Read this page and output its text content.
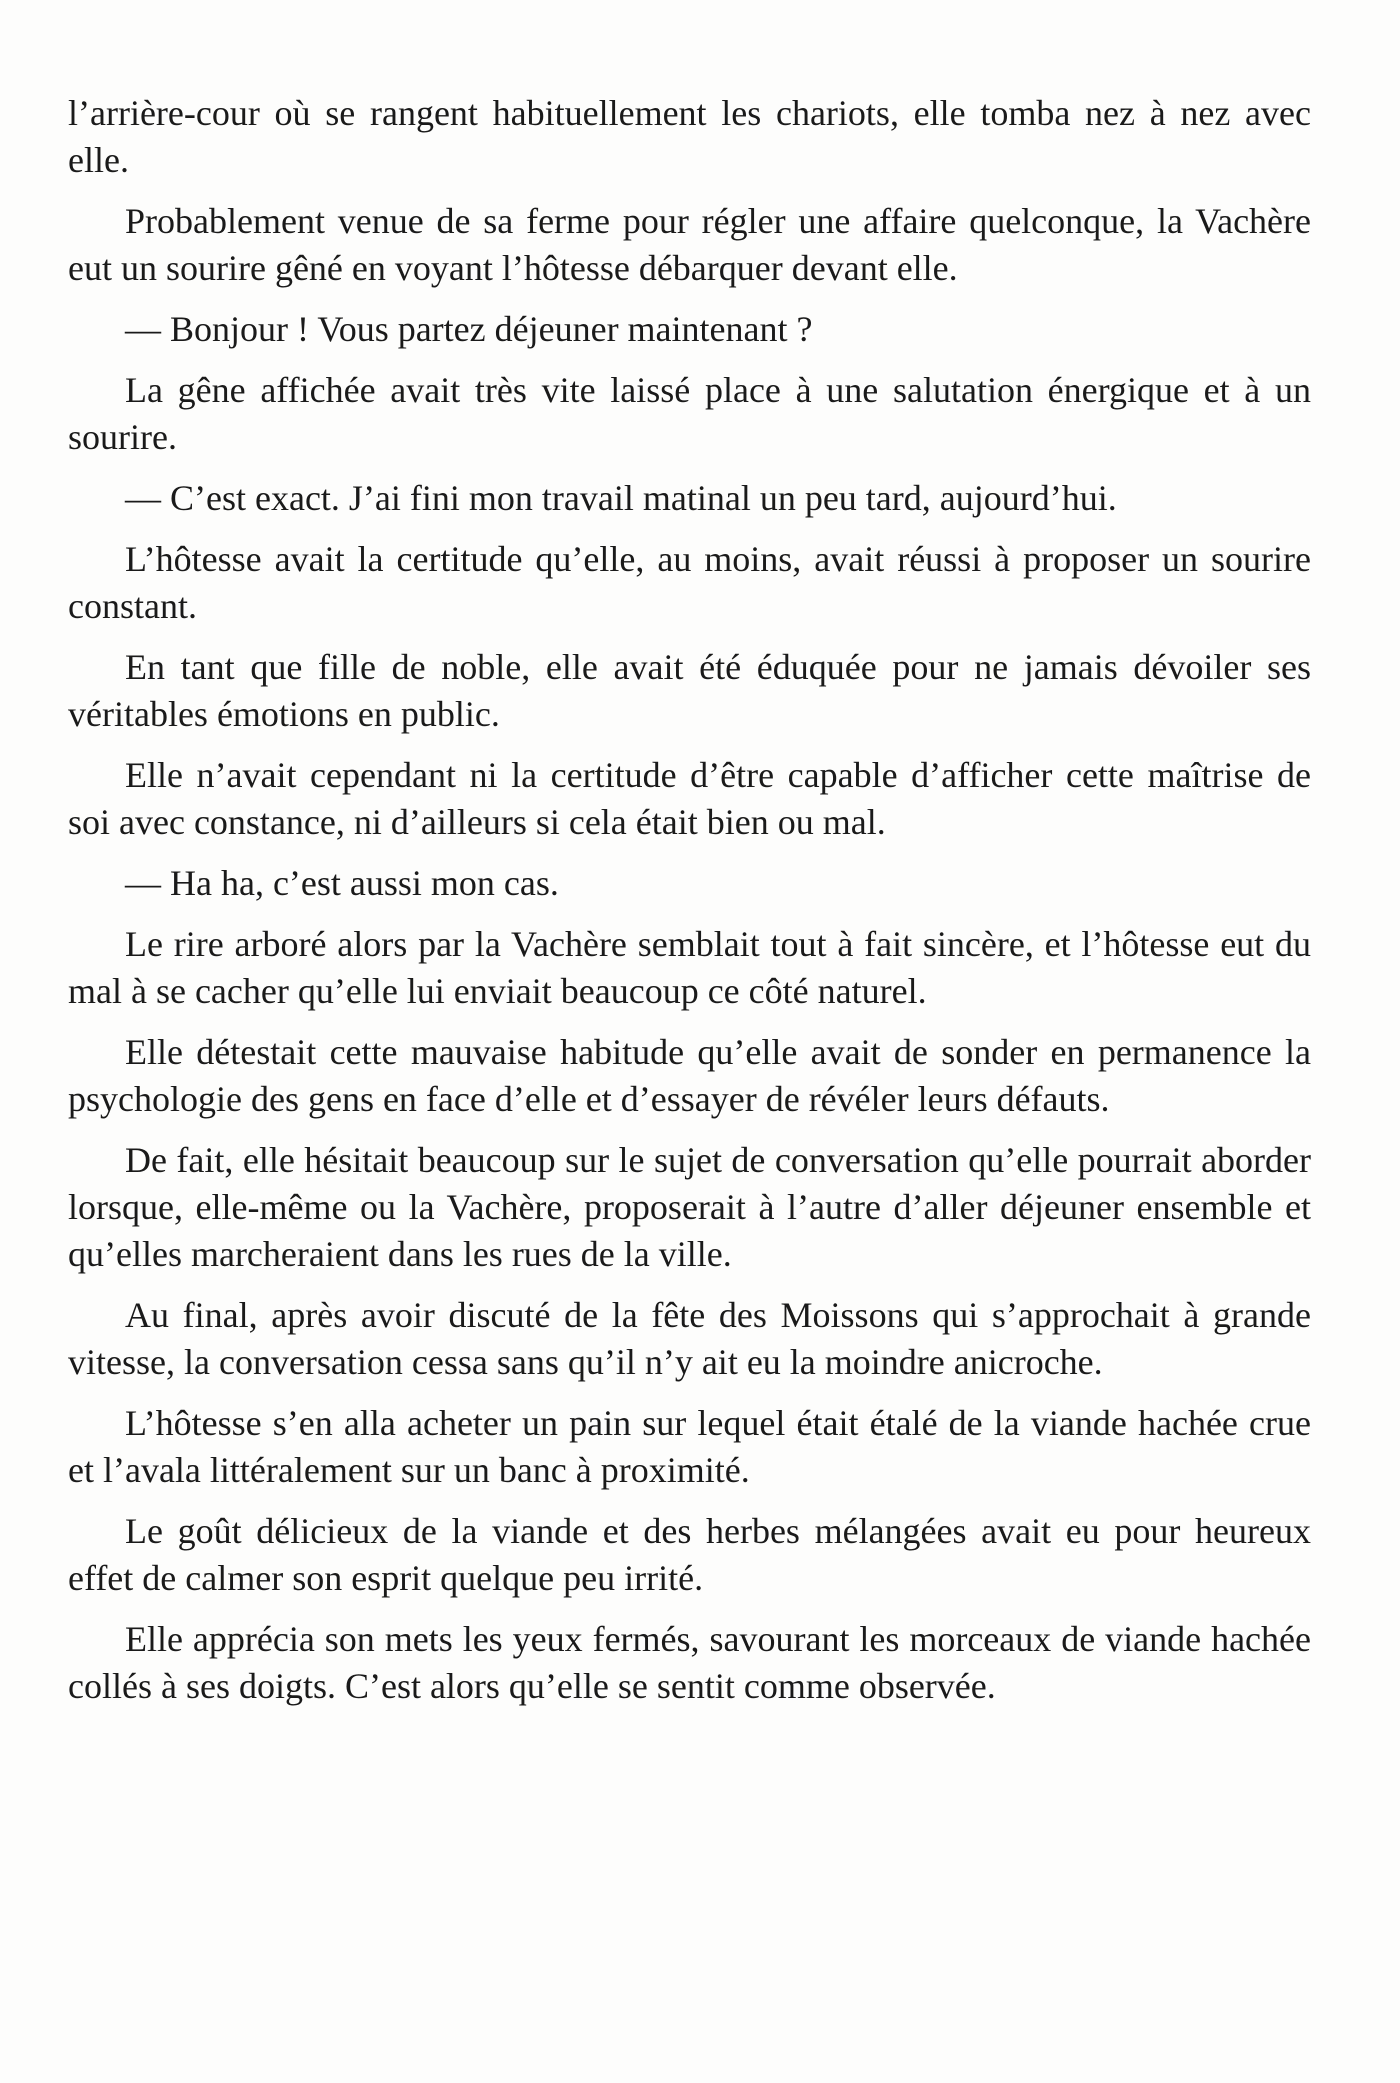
l’arrière-cour où se rangent habituellement les chariots, elle tomba nez à nez avec elle.

Probablement venue de sa ferme pour régler une affaire quelconque, la Vachère eut un sourire gêné en voyant l’hôtesse débarquer devant elle.

— Bonjour ! Vous partez déjeuner maintenant ?

La gêne affichée avait très vite laissé place à une salutation énergique et à un sourire.

— C’est exact. J’ai fini mon travail matinal un peu tard, aujourd’hui.

L’hôtesse avait la certitude qu’elle, au moins, avait réussi à proposer un sourire constant.

En tant que fille de noble, elle avait été éduquée pour ne jamais dévoiler ses véritables émotions en public.

Elle n’avait cependant ni la certitude d’être capable d’afficher cette maîtrise de soi avec constance, ni d’ailleurs si cela était bien ou mal.

— Ha ha, c’est aussi mon cas.

Le rire arboré alors par la Vachère semblait tout à fait sincère, et l’hôtesse eut du mal à se cacher qu’elle lui enviait beaucoup ce côté naturel.

Elle détestait cette mauvaise habitude qu’elle avait de sonder en permanence la psychologie des gens en face d’elle et d’essayer de révéler leurs défauts.

De fait, elle hésitait beaucoup sur le sujet de conversation qu’elle pourrait aborder lorsque, elle-même ou la Vachère, proposerait à l’autre d’aller déjeuner ensemble et qu’elles marcheraient dans les rues de la ville.

Au final, après avoir discuté de la fête des Moissons qui s’approchait à grande vitesse, la conversation cessa sans qu’il n’y ait eu la moindre anicroche.

L’hôtesse s’en alla acheter un pain sur lequel était étalé de la viande hachée crue et l’avala littéralement sur un banc à proximité.

Le goût délicieux de la viande et des herbes mélangées avait eu pour heureux effet de calmer son esprit quelque peu irrité.

Elle apprécia son mets les yeux fermés, savourant les morceaux de viande hachée collés à ses doigts. C’est alors qu’elle se sentit comme observée.
